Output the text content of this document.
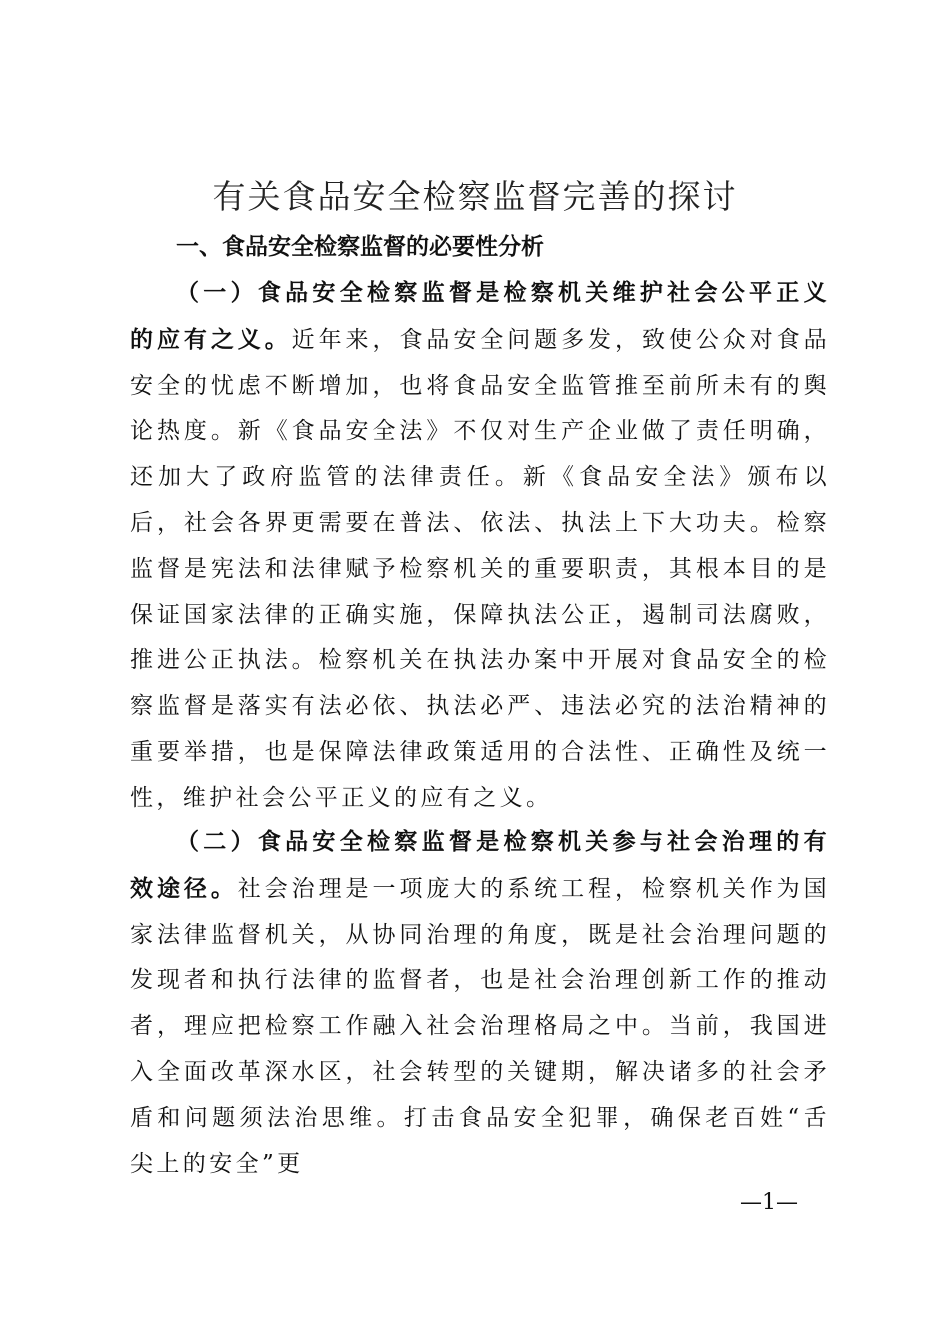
有关食品安全检察监督完善的探讨
一、食品安全检察监督的必要性分析

（一）食品安全检察监督是检察机关维护社会公平正义的应有之义。近年来，食品安全问题多发，致使公众对食品安全的忧虑不断增加，也将食品安全监管推至前所未有的舆论热度。新《食品安全法》不仅对生产企业做了责任明确，还加大了政府监管的法律责任。新《食品安全法》颁布以后，社会各界更需要在普法、依法、执法上下大功夫。检察监督是宪法和法律赋予检察机关的重要职责，其根本目的是保证国家法律的正确实施，保障执法公正，遏制司法腐败，推进公正执法。检察机关在执法办案中开展对食品安全的检察监督是落实有法必依、执法必严、违法必究的法治精神的重要举措，也是保障法律政策适用的合法性、正确性及统一性，维护社会公平正义的应有之义。

（二）食品安全检察监督是检察机关参与社会治理的有效途径。社会治理是一项庞大的系统工程，检察机关作为国家法律监督机关，从协同治理的角度，既是社会治理问题的发现者和执行法律的监督者，也是社会治理创新工作的推动者，理应把检察工作融入社会治理格局之中。当前，我国进入全面改革深水区，社会转型的关键期，解决诸多的社会矛盾和问题须法治思维。打击食品安全犯罪，确保老百姓“舌尖上的安全”更

—1—
